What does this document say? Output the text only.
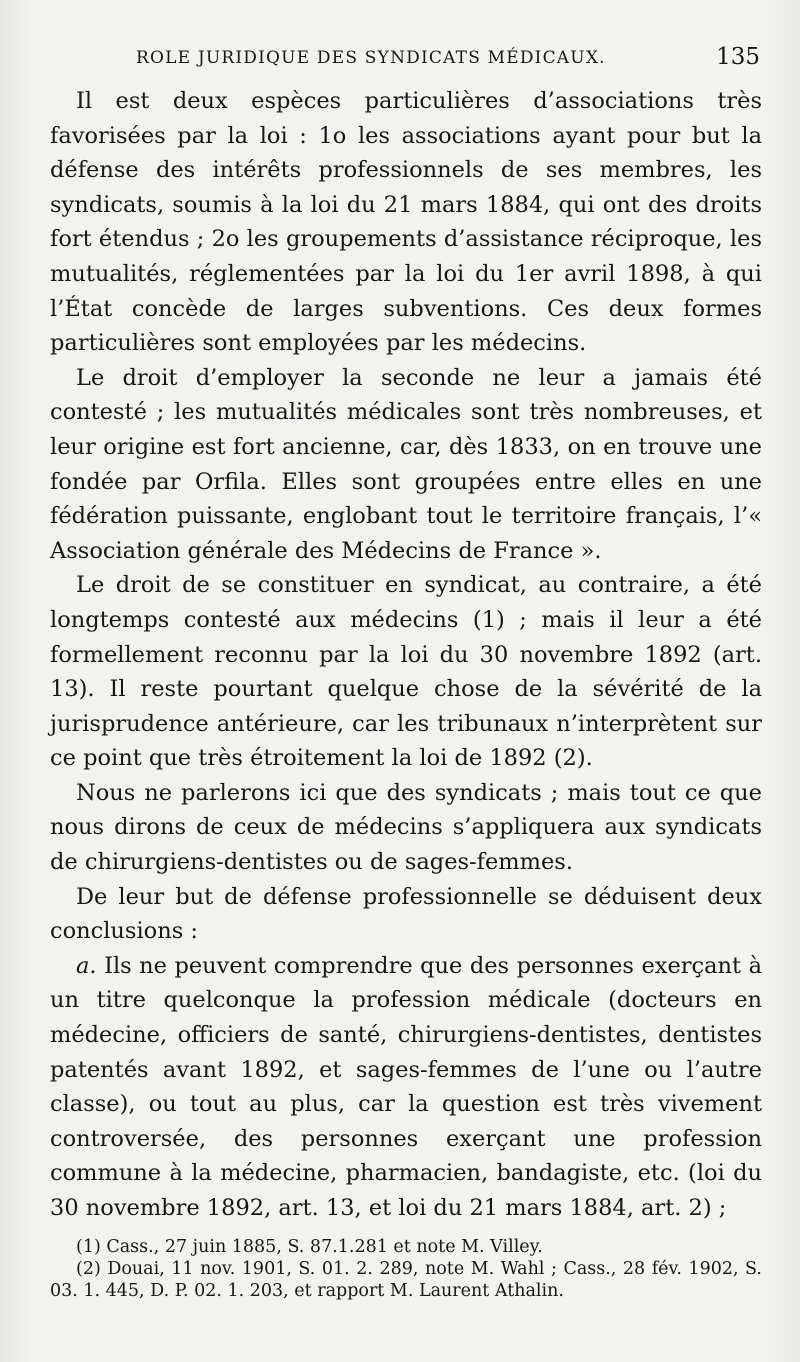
ROLE JURIDIQUE DES SYNDICATS MÉDICAUX.	135

Il est deux espèces particulières d’associations très favorisées par la loi : 1o les associations ayant pour but la défense des intérêts professionnels de ses membres, les syndicats, soumis à la loi du 21 mars 1884, qui ont des droits fort étendus ; 2o les groupements d’assistance réciproque, les mutualités, réglementées par la loi du 1er avril 1898, à qui l’État concède de larges subventions. Ces deux formes particulières sont employées par les médecins.

Le droit d’employer la seconde ne leur a jamais été contesté ; les mutualités médicales sont très nombreuses, et leur origine est fort ancienne, car, dès 1833, on en trouve une fondée par Orfila. Elles sont groupées entre elles en une fédération puissante, englobant tout le territoire français, l’« Association générale des Médecins de France ».

Le droit de se constituer en syndicat, au contraire, a été longtemps contesté aux médecins (1) ; mais il leur a été formellement reconnu par la loi du 30 novembre 1892 (art. 13). Il reste pourtant quelque chose de la sévérité de la jurisprudence antérieure, car les tribunaux n’interprètent sur ce point que très étroitement la loi de 1892 (2).

Nous ne parlerons ici que des syndicats ; mais tout ce que nous dirons de ceux de médecins s’appliquera aux syndicats de chirurgiens-dentistes ou de sages-femmes.

De leur but de défense professionnelle se déduisent deux conclusions :

a. Ils ne peuvent comprendre que des personnes exerçant à un titre quelconque la profession médicale (docteurs en médecine, officiers de santé, chirurgiens-dentistes, dentistes patentés avant 1892, et sages-femmes de l’une ou l’autre classe), ou tout au plus, car la question est très vivement controversée, des personnes exerçant une profession commune à la médecine, pharmacien, bandagiste, etc. (loi du 30 novembre 1892, art. 13, et loi du 21 mars 1884, art. 2) ;

(1) Cass., 27 juin 1885, S. 87.1.281 et note M. Villey.

(2) Douai, 11 nov. 1901, S. 01. 2. 289, note M. Wahl ; Cass., 28 fév. 1902, S. 03. 1. 445, D. P. 02. 1. 203, et rapport M. Laurent Athalin.
